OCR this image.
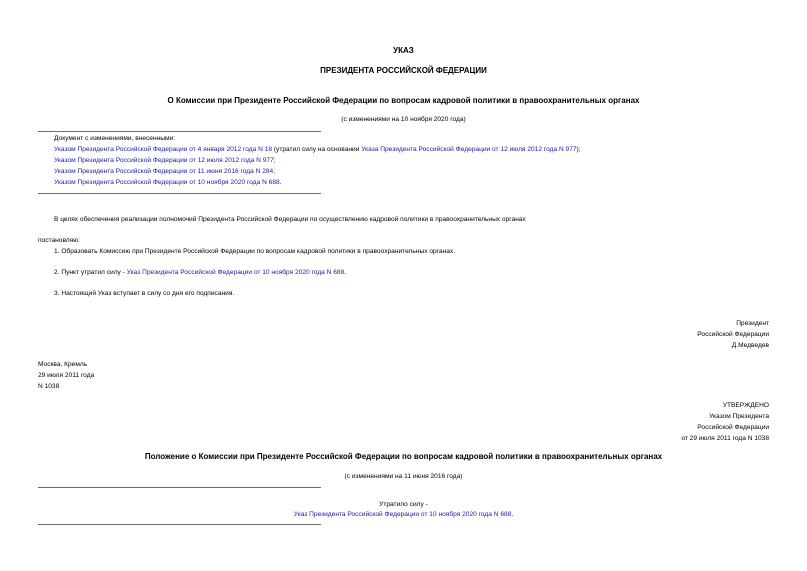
УКАЗ
ПРЕЗИДЕНТА РОССИЙСКОЙ ФЕДЕРАЦИИ
О Комиссии при Президенте Российской Федерации по вопросам кадровой политики в правоохранительных органах
(с изменениями на 10 ноября 2020 года)
Документ с изменениями, внесенными:
Указом Президента Российской Федерации от 4 января 2012 года N 18 (утратил силу на основании Указа Президента Российской Федерации от 12 июля 2012 года N 977);
Указом Президента Российской Федерации от 12 июля 2012 года N 977;
Указом Президента Российской Федерации от 11 июня 2016 года N 284;
Указом Президента Российской Федерации от 10 ноября 2020 года N 688.
В целях обеспечения реализации полномочий Президента Российской Федерации по осуществлению кадровой политики в правоохранительных органах
постановляю:
1. Образовать Комиссию при Президенте Российской Федерации по вопросам кадровой политики в правоохранительных органах.
2. Пункт утратил силу - Указ Президента Российской Федерации от 10 ноября 2020 года N 688.
3. Настоящий Указ вступает в силу со дня его подписания.
Президент
Российской Федерации
Д.Медведев
Москва, Кремль
29 июля 2011 года
N 1038
УТВЕРЖДЕНО
Указом Президента
Российской Федерации
от 29 июля 2011 года N 1038
Положение о Комиссии при Президенте Российской Федерации по вопросам кадровой политики в правоохранительных органах
(с изменениями на 11 июня 2016 года)
Утратило силу -
Указ Президента Российской Федерации от 10 ноября 2020 года N 688.
